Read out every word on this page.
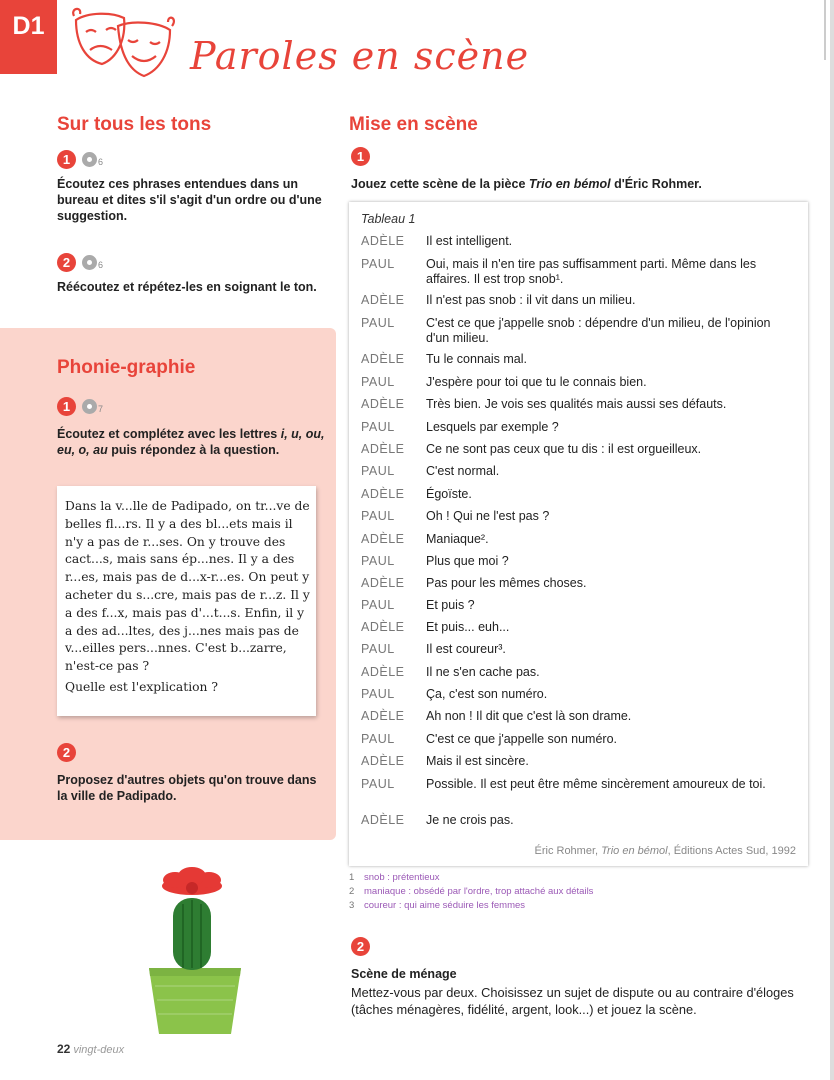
D1
Paroles en scène
Sur tous les tons
1	6
Écoutez ces phrases entendues dans un bureau et dites s'il s'agit d'un ordre ou d'une suggestion.
2	6
Réécoutez et répétez-les en soignant le ton.
Phonie-graphie
1	7
Écoutez et complétez avec les lettres i, u, ou, eu, o, au puis répondez à la question.
Dans la v...lle de Padipado, on tr...ve de belles fl...rs. Il y a des bl...ets mais il n'y a pas de r...ses. On y trouve des cact...s, mais sans ép...nes. Il y a des r...es, mais pas de d...x-r...es. On peut y acheter du s...cre, mais pas de r...z. Il y a des f...x, mais pas d'...t...s. Enfin, il y a des ad...ltes, des j...nes mais pas de v...eilles pers...nnes. C'est b...zarre, n'est-ce pas ?
Quelle est l'explication ?
2
Proposez d'autres objets qu'on trouve dans la ville de Padipado.
22 vingt-deux
Mise en scène
1
Jouez cette scène de la pièce Trio en bémol d'Éric Rohmer.
Tableau 1
ADÈLE	Il est intelligent.
PAUL	Oui, mais il n'en tire pas suffisamment parti. Même dans les affaires. Il est trop snob¹.
ADÈLE	Il n'est pas snob : il vit dans un milieu.
PAUL	C'est ce que j'appelle snob : dépendre d'un milieu, de l'opinion d'un milieu.
ADÈLE	Tu le connais mal.
PAUL	J'espère pour toi que tu le connais bien.
ADÈLE	Très bien. Je vois ses qualités mais aussi ses défauts.
PAUL	Lesquels par exemple ?
ADÈLE	Ce ne sont pas ceux que tu dis : il est orgueilleux.
PAUL	C'est normal.
ADÈLE	Égoïste.
PAUL	Oh ! Qui ne l'est pas ?
ADÈLE	Maniaque².
PAUL	Plus que moi ?
ADÈLE	Pas pour les mêmes choses.
PAUL	Et puis ?
ADÈLE	Et puis... euh...
PAUL	Il est coureur³.
ADÈLE	Il ne s'en cache pas.
PAUL	Ça, c'est son numéro.
ADÈLE	Ah non ! Il dit que c'est là son drame.
PAUL	C'est ce que j'appelle son numéro.
ADÈLE	Mais il est sincère.
PAUL	Possible. Il est peut être même sincèrement amoureux de toi.
ADÈLE	Je ne crois pas.
Éric Rohmer, Trio en bémol, Éditions Actes Sud, 1992
1 snob : prétentieux
2 maniaque : obsédé par l'ordre, trop attaché aux détails
3 coureur : qui aime séduire les femmes
2
Scène de ménage
Mettez-vous par deux. Choisissez un sujet de dispute ou au contraire d'éloges (tâches ménagères, fidélité, argent, look...) et jouez la scène.
